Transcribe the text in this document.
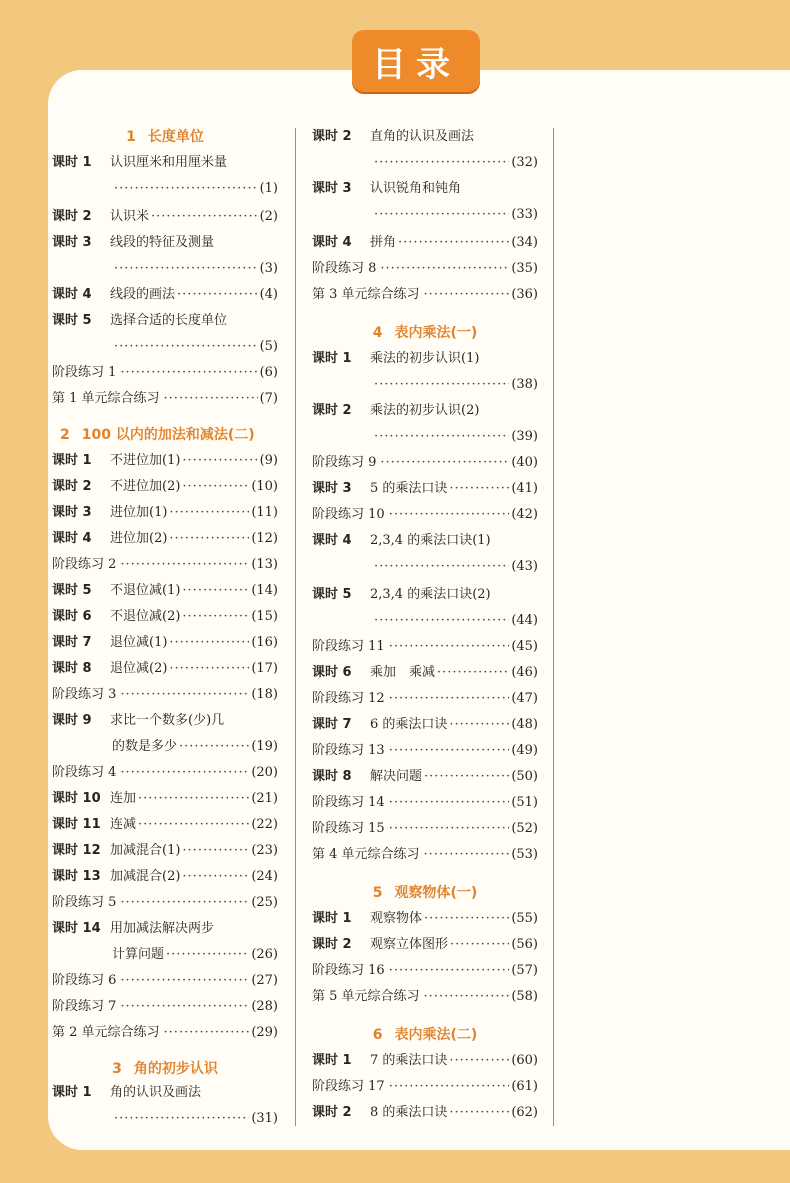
目录
1 长度单位
课时 1	认识厘米和用厘米量
·····
(1)
课时 2	认识米 ·····	(2)
课时 3	线段的特征及测量
·····
(3)
课时 4	线段的画法 ·····	(4)
课时 5	选择合适的长度单位
·····
(5)
阶段练习 1 ·····	(6)
第 1 单元综合练习 ·····	(7)
2 100 以内的加法和减法(二)
课时 1	不进位加(1) ·····	(9)
课时 2	不进位加(2) ·····	(10)
课时 3	进位加(1) ·····	(11)
课时 4	进位加(2) ·····	(12)
阶段练习 2 ·····	(13)
课时 5	不退位减(1) ·····	(14)
课时 6	不退位减(2) ·····	(15)
课时 7	退位减(1) ·····	(16)
课时 8	退位减(2) ·····	(17)
阶段练习 3 ·····	(18)
课时 9	求比一个数多(少)几
的数是多少 ·····	(19)
阶段练习 4 ·····	(20)
课时 10 连加 ·····	(21)
课时 11 连减 ·····	(22)
课时 12 加减混合(1) ·····	(23)
课时 13 加减混合(2) ·····	(24)
阶段练习 5 ·····	(25)
课时 14 用加减法解决两步
计算问题 ·····	(26)
阶段练习 6 ·····	(27)
阶段练习 7 ·····	(28)
第 2 单元综合练习 ·····	(29)
3 角的初步认识
课时 1	角的认识及画法
·····
(31)
课时 2	直角的认识及画法
·····
(32)
课时 3	认识锐角和钝角
·····
(33)
课时 4	拼角 ·····	(34)
阶段练习 8 ·····	(35)
第 3 单元综合练习 ·····	(36)
4 表内乘法(一)
课时 1	乘法的初步认识(1)
·····
(38)
课时 2	乘法的初步认识(2)
·····
(39)
阶段练习 9 ·····	(40)
课时 3	5 的乘法口诀 ·····	(41)
阶段练习 10 ·····	(42)
课时 4	2,3,4 的乘法口诀(1)
·····
(43)
课时 5	2,3,4 的乘法口诀(2)
·····
(44)
阶段练习 11 ·····	(45)
课时 6	乘加　乘减 ·····	(46)
阶段练习 12 ·····	(47)
课时 7	6 的乘法口诀 ·····	(48)
阶段练习 13 ·····	(49)
课时 8	解决问题 ·····	(50)
阶段练习 14 ·····	(51)
阶段练习 15 ·····	(52)
第 4 单元综合练习 ·····	(53)
5 观察物体(一)
课时 1	观察物体 ·····	(55)
课时 2	观察立体图形 ·····	(56)
阶段练习 16 ·····	(57)
第 5 单元综合练习 ·····	(58)
6 表内乘法(二)
课时 1	7 的乘法口诀 ·····	(60)
阶段练习 17 ·····	(61)
课时 2	8 的乘法口诀 ·····	(62)
